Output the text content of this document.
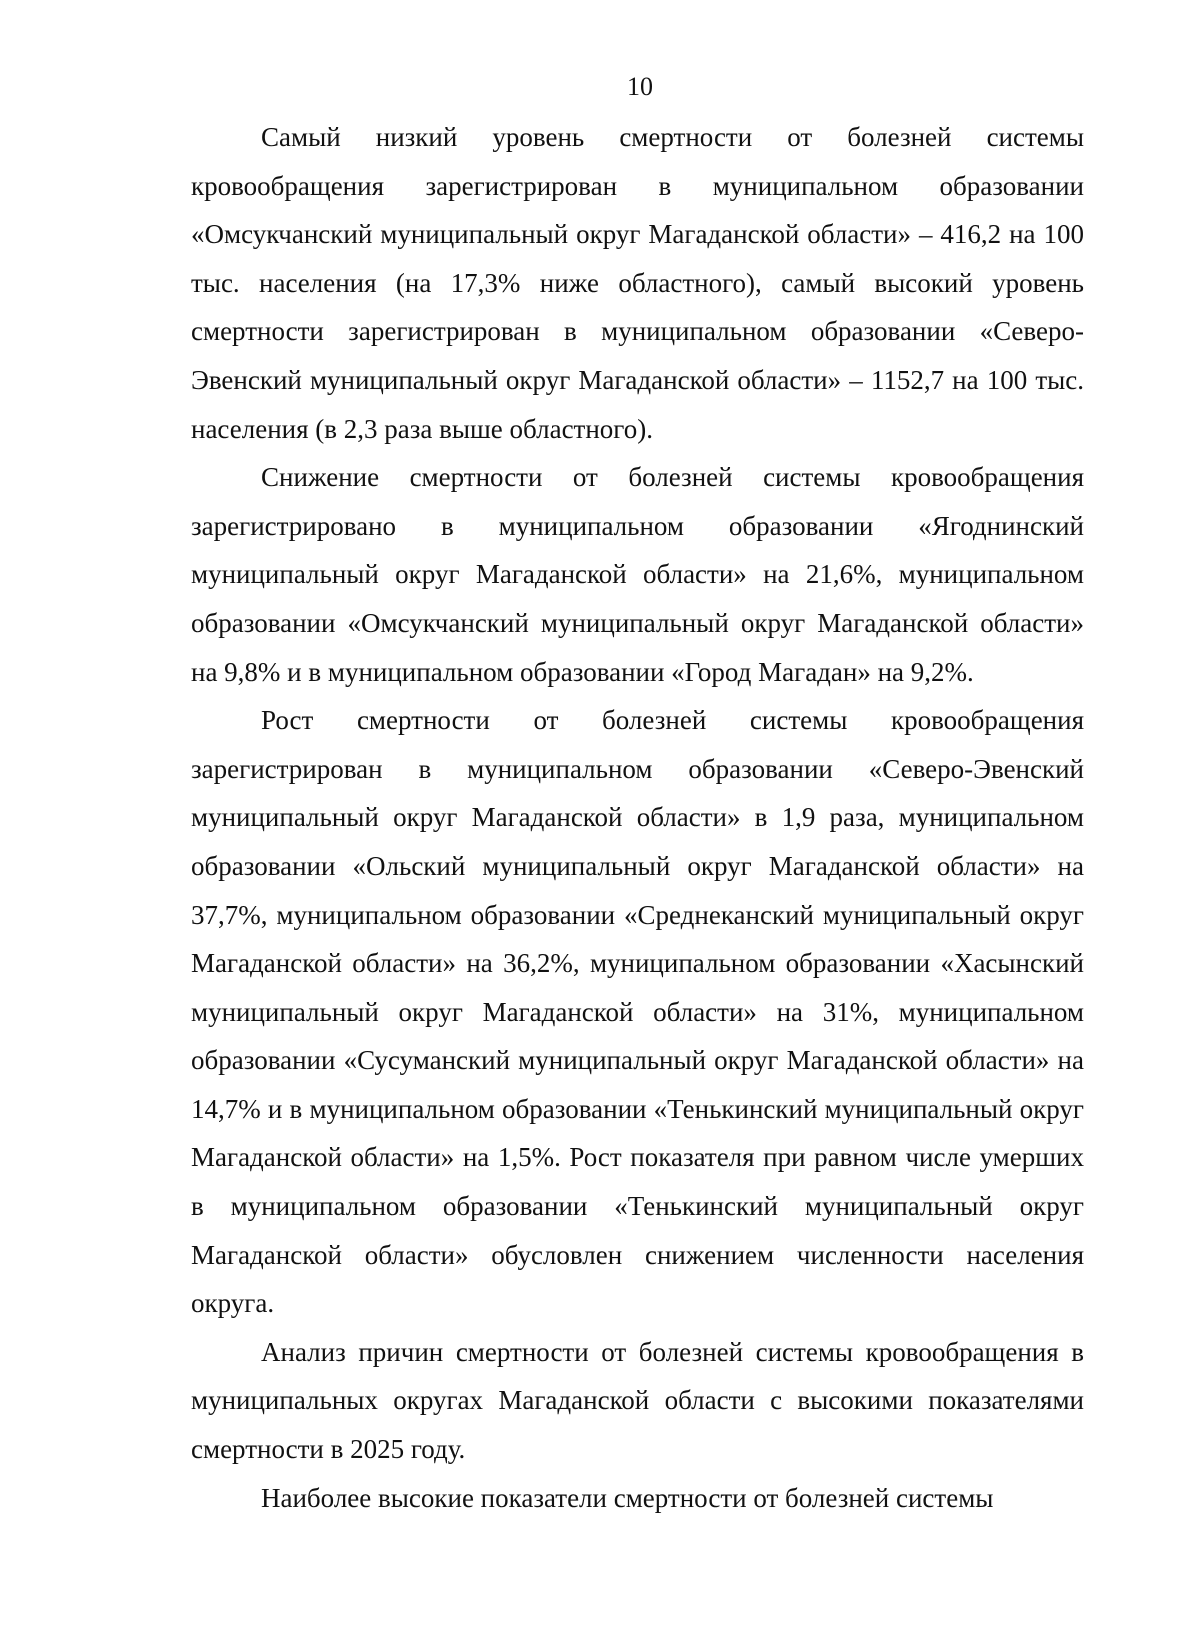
10

Самый низкий уровень смертности от болезней системы кровообращения зарегистрирован в муниципальном образовании «Омсукчанский муниципальный округ Магаданской области» – 416,2 на 100 тыс. населения (на 17,3% ниже областного), самый высокий уровень смертности зарегистрирован в муниципальном образовании «Северо-Эвенский муниципальный округ Магаданской области» – 1152,7 на 100 тыс. населения (в 2,3 раза выше областного).

Снижение смертности от болезней системы кровообращения зарегистрировано в муниципальном образовании «Ягоднинский муниципальный округ Магаданской области» на 21,6%, муниципальном образовании «Омсукчанский муниципальный округ Магаданской области» на 9,8% и в муниципальном образовании «Город Магадан» на 9,2%.

Рост смертности от болезней системы кровообращения зарегистрирован в муниципальном образовании «Северо-Эвенский муниципальный округ Магаданской области» в 1,9 раза, муниципальном образовании «Ольский муниципальный округ Магаданской области» на 37,7%, муниципальном образовании «Среднеканский муниципальный округ Магаданской области» на 36,2%, муниципальном образовании «Хасынский муниципальный округ Магаданской области» на 31%, муниципальном образовании «Сусуманский муниципальный округ Магаданской области» на 14,7% и в муниципальном образовании «Тенькинский муниципальный округ Магаданской области» на 1,5%. Рост показателя при равном числе умерших в муниципальном образовании «Тенькинский муниципальный округ Магаданской области» обусловлен снижением численности населения округа.

Анализ причин смертности от болезней системы кровообращения в муниципальных округах Магаданской области с высокими показателями смертности в 2025 году.

Наиболее высокие показатели смертности от болезней системы
